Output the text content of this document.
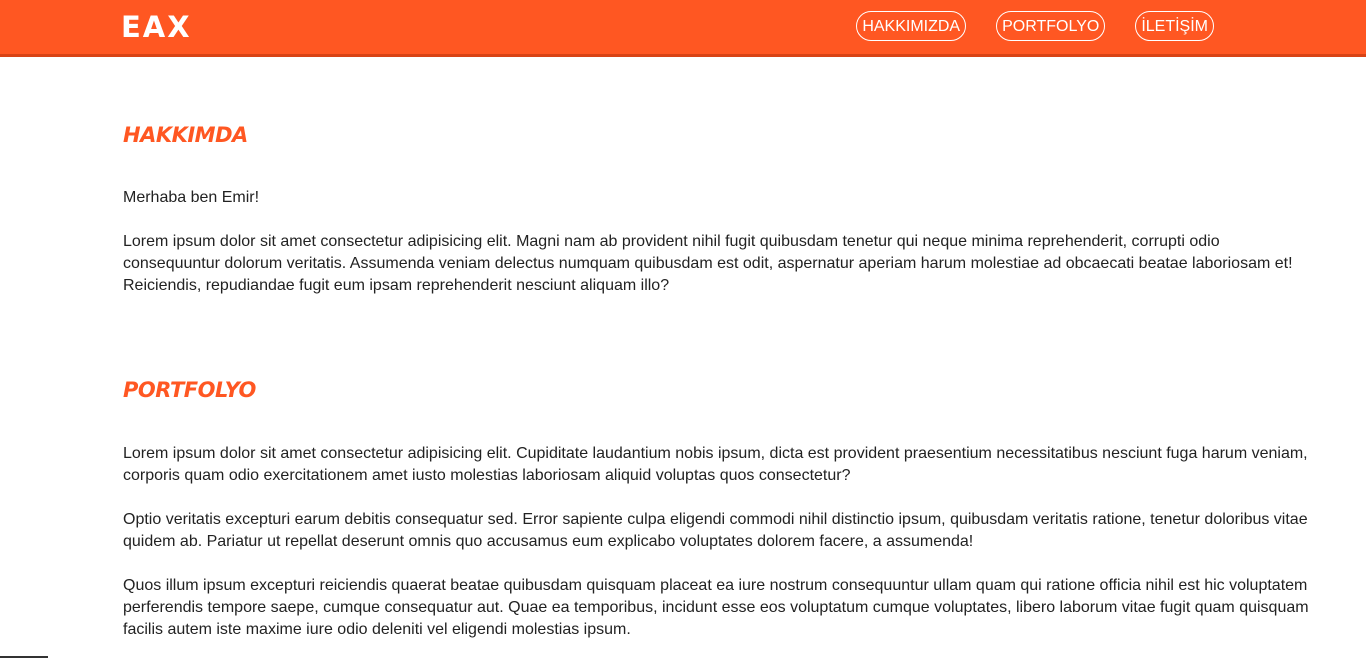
EAX	HAKKIMIZDA	PORTFOLYO	İLETİŞİM
HAKKIMDA

Merhaba ben Emir!

Lorem ipsum dolor sit amet consectetur adipisicing elit. Magni nam ab provident nihil fugit quibusdam tenetur qui neque minima reprehenderit, corrupti odio consequuntur dolorum veritatis. Assumenda veniam delectus numquam quibusdam est odit, aspernatur aperiam harum molestiae ad obcaecati beatae laboriosam et! Reiciendis, repudiandae fugit eum ipsam reprehenderit nesciunt aliquam illo?

PORTFOLYO

Lorem ipsum dolor sit amet consectetur adipisicing elit. Cupiditate laudantium nobis ipsum, dicta est provident praesentium necessitatibus nesciunt fuga harum veniam, corporis quam odio exercitationem amet iusto molestias laboriosam aliquid voluptas quos consectetur?

Optio veritatis excepturi earum debitis consequatur sed. Error sapiente culpa eligendi commodi nihil distinctio ipsum, quibusdam veritatis ratione, tenetur doloribus vitae quidem ab. Pariatur ut repellat deserunt omnis quo accusamus eum explicabo voluptates dolorem facere, a assumenda!

Quos illum ipsum excepturi reiciendis quaerat beatae quibusdam quisquam placeat ea iure nostrum consequuntur ullam quam qui ratione officia nihil est hic voluptatem perferendis tempore saepe, cumque consequatur aut. Quae ea temporibus, incidunt esse eos voluptatum cumque voluptates, libero laborum vitae fugit quam quisquam facilis autem iste maxime iure odio deleniti vel eligendi molestias ipsum.
